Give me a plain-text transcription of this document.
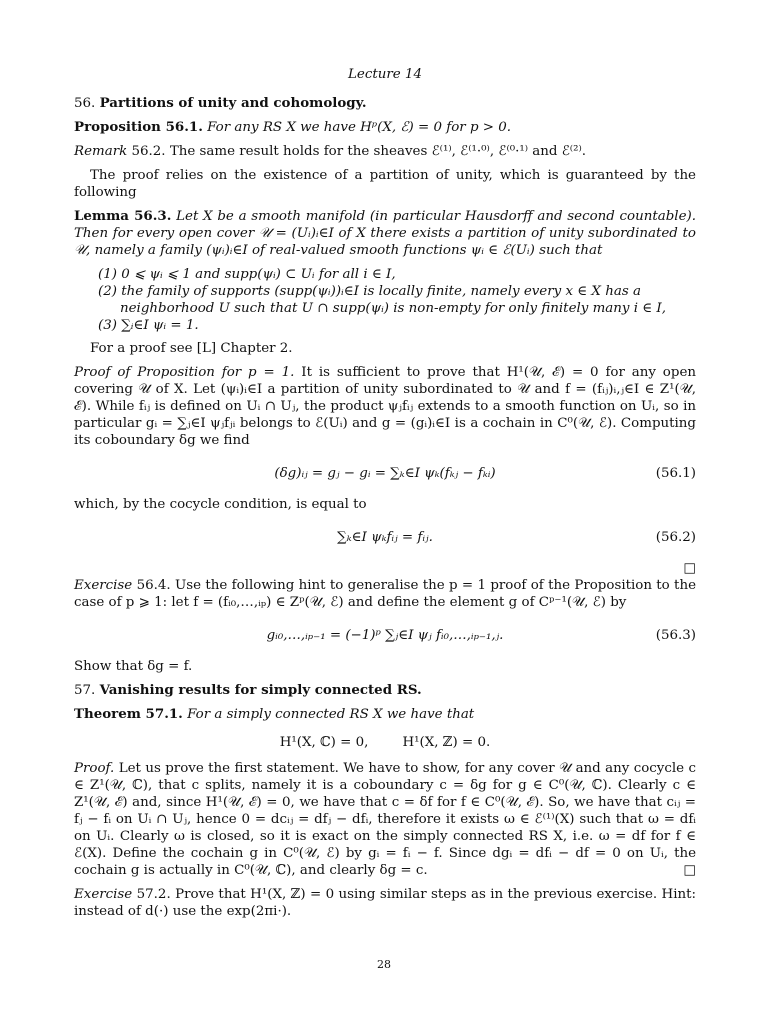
Lecture 14

56. Partitions of unity and cohomology.

Proposition 56.1. For any RS X we have Hᵖ(X, ℰ) = 0 for p > 0.

Remark 56.2. The same result holds for the sheaves ℰ⁽¹⁾, ℰ⁽¹·⁰⁾, ℰ⁽⁰·¹⁾ and ℰ⁽²⁾.

The proof relies on the existence of a partition of unity, which is guaranteed by the following

Lemma 56.3. Let X be a smooth manifold (in particular Hausdorff and second countable). Then for every open cover 𝒰 = (Uᵢ)ᵢ∈I of X there exists a partition of unity subordinated to 𝒰, namely a family (ψᵢ)ᵢ∈I of real-valued smooth functions ψᵢ ∈ ℰ(Uᵢ) such that

(1) 0 ⩽ ψᵢ ⩽ 1 and supp(ψᵢ) ⊂ Uᵢ for all i ∈ I,
(2) the family of supports (supp(ψᵢ))ᵢ∈I is locally finite, namely every x ∈ X has a neighborhood U such that U ∩ supp(ψᵢ) is non-empty for only finitely many i ∈ I,
(3) ∑ᵢ∈I ψᵢ = 1.

For a proof see [L] Chapter 2.

Proof of Proposition for p = 1. It is sufficient to prove that H¹(𝒰, ℰ) = 0 for any open covering 𝒰 of X. Let (ψᵢ)ᵢ∈I a partition of unity subordinated to 𝒰 and f = (fᵢⱼ)ᵢ,ⱼ∈I ∈ Z¹(𝒰, ℰ). While fᵢⱼ is defined on Uᵢ ∩ Uⱼ, the product ψⱼfᵢⱼ extends to a smooth function on Uᵢ, so in particular gᵢ = ∑ⱼ∈I ψⱼfⱼᵢ belongs to ℰ(Uᵢ) and g = (gᵢ)ᵢ∈I is a cochain in C⁰(𝒰, ℰ). Computing its coboundary δg we find

(δg)ᵢⱼ = gⱼ − gᵢ = ∑ₖ∈I ψₖ(fₖⱼ − fₖᵢ)	(56.1)

which, by the cocycle condition, is equal to

∑ₖ∈I ψₖfᵢⱼ = fᵢⱼ.	(56.2)
□

Exercise 56.4. Use the following hint to generalise the p = 1 proof of the Proposition to the case of p ⩾ 1: let f = (fᵢ₀,…,ᵢₚ) ∈ Zᵖ(𝒰, ℰ) and define the element g of Cᵖ⁻¹(𝒰, ℰ) by

gᵢ₀,…,ᵢₚ₋₁ = (−1)ᵖ ∑ⱼ∈I ψⱼ fᵢ₀,…,ᵢₚ₋₁,ⱼ.	(56.3)

Show that δg = f.

57. Vanishing results for simply connected RS.

Theorem 57.1. For a simply connected RS X we have that

H¹(X, ℂ) = 0,        H¹(X, ℤ) = 0.

Proof. Let us prove the first statement. We have to show, for any cover 𝒰 and any cocycle c ∈ Z¹(𝒰, ℂ), that c splits, namely it is a coboundary c = δg for g ∈ C⁰(𝒰, ℂ). Clearly c ∈ Z¹(𝒰, ℰ) and, since H¹(𝒰, ℰ) = 0, we have that c = δf for f ∈ C⁰(𝒰, ℰ). So, we have that cᵢⱼ = fⱼ − fᵢ on Uᵢ ∩ Uⱼ, hence 0 = dcᵢⱼ = dfⱼ − dfᵢ, therefore it exists ω ∈ ℰ⁽¹⁾(X) such that ω = dfᵢ on Uᵢ. Clearly ω is closed, so it is exact on the simply connected RS X, i.e. ω = df for f ∈ ℰ(X). Define the cochain g in C⁰(𝒰, ℰ) by gᵢ = fᵢ − f. Since dgᵢ = dfᵢ − df = 0 on Uᵢ, the cochain g is actually in C⁰(𝒰, ℂ), and clearly δg = c.	□

Exercise 57.2. Prove that H¹(X, ℤ) = 0 using similar steps as in the previous exercise. Hint: instead of d(·) use the exp(2πi·).

28
